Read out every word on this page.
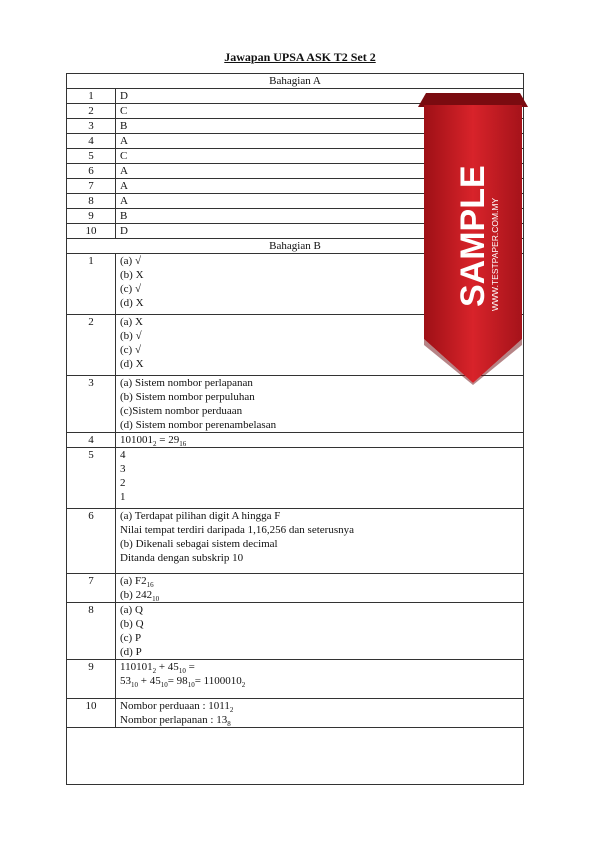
Jawapan UPSA ASK T2 Set 2
Bahagian A	
1	D
2	C
3	B
4	A
5	C
6	A
7	A
8	A
9	B
10	D
Bahagian B	
1	(a) √
(b) X
(c) √
(d) X

2	(a) X
(b) √
(c) √
(d) X

3	(a) Sistem nombor perlapanan
(b) Sistem nombor perpuluhan
(c)Sistem nombor perduaan
(d) Sistem nombor perenambelasan

4	$101001_2 = 29_{16}$
5	4
3
2
1

6	(a) Terdapat pilihan digit A hingga F
Nilai tempat terdiri daripada 1,16,256 dan seterusnya
(b) Dikenali sebagai sistem decimal
Ditanda dengan subskrip 10

7	(a) $F2_{16}$
(b) $242_{10}$

8	(a) Q
(b) Q
(c) P
(d) P

9	$110101_2 + 45_{10}$ =
$53_{10} + 45_{10}= 98_{10}= 1100010_2$

10	Nombor perduaan : $1011_2$
Nombor perlapanan : $13_8$

SAMPLE
WWW.TESTPAPER.COM.MY
